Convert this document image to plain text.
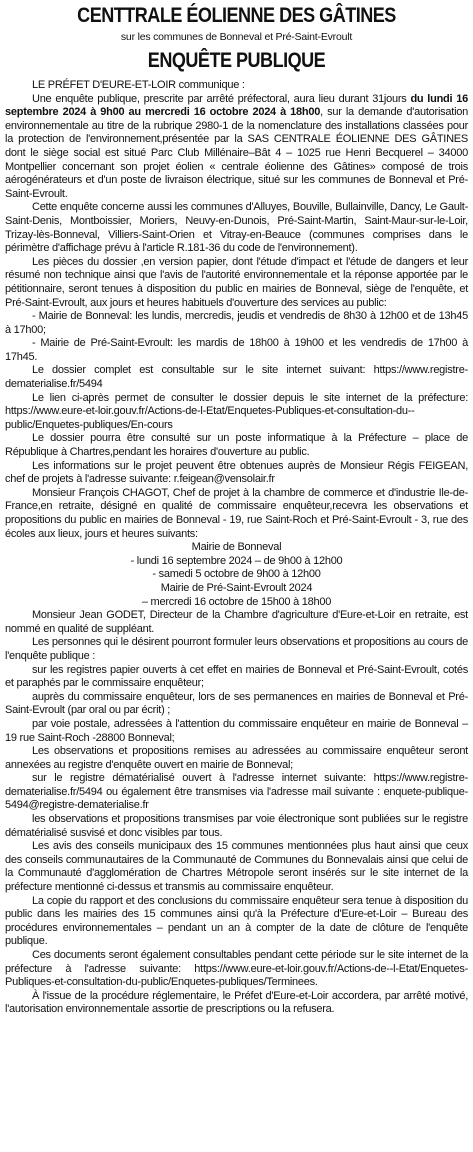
CENTTRALE ÉOLIENNE DES GÂTINES
sur les communes de Bonneval et Pré-Saint-Evroult
ENQUÊTE PUBLIQUE

LE PRÉFET D'EURE-ET-LOIR communique :

Une enquête publique, prescrite par arrêté préfectoral, aura lieu durant 31jours du lundi 16 septembre 2024 à 9h00 au mercredi 16 octobre 2024 à 18h00, sur la demande d'autorisation environnementale au titre de la rubrique 2980-1 de la nomenclature des installations classées pour la protection de l'environnement,présentée par la SAS CENTRALE ÉOLIENNE DES GÂTINES dont le siège social est situé Parc Club Millénaire–Bât 4 – 1025 rue Henri Becquerel – 34000 Montpellier concernant son projet éolien « centrale éolienne des Gâtines» composé de trois aérogénérateurs et d'un poste de livraison électrique, situé sur les communes de Bonneval et Pré-Saint-Evroult.

Cette enquête concerne aussi les communes d'Alluyes, Bouville, Bullainville, Dancy, Le Gault-Saint-Denis, Montboissier, Moriers, Neuvy-en-Dunois, Pré-Saint-Martin, Saint-Maur-sur-le-Loir, Trizay-lès-Bonneval, Villiers-Saint-Orien et Vitray-en-Beauce (communes comprises dans le périmètre d'affichage prévu à l'article R.181-36 du code de l'environnement).

Les pièces du dossier ,en version papier, dont l'étude d'impact et l'étude de dangers et leur résumé non technique ainsi que l'avis de l'autorité environnementale et la réponse apportée par le pétitionnaire, seront tenues à disposition du public en mairies de Bonneval, siège de l'enquête, et Pré-Saint-Evroult, aux jours et heures habituels d'ouverture des services au public:

- Mairie de Bonneval: les lundis, mercredis, jeudis et vendredis de 8h30 à 12h00 et de 13h45 à 17h00;

- Mairie de Pré-Saint-Evroult: les mardis de 18h00 à 19h00 et les vendredis de 17h00 à 17h45.

Le dossier complet est consultable sur le site internet suivant: https://www.registre-dematerialise.fr/5494

Le lien ci-après permet de consulter le dossier depuis le site internet de la préfecture: https://www.eure-et-loir.gouv.fr/Actions-de-l-Etat/Enquetes-Publiques-et-consultation-du--public/Enquetes-publiques/En-cours

Le dossier pourra être consulté sur un poste informatique à la Préfecture – place de République à Chartres,pendant les horaires d'ouverture au public.

Les informations sur le projet peuvent être obtenues auprès de Monsieur Régis FEIGEAN, chef de projets à l'adresse suivante: r.feigean@vensolair.fr

Monsieur François CHAGOT, Chef de projet à la chambre de commerce et d'industrie Ile-de-France,en retraite, désigné en qualité de commissaire enquêteur,recevra les observations et propositions du public en mairies de Bonneval - 19, rue Saint-Roch et Pré-Saint-Evroult - 3, rue des écoles aux lieux, jours et heures suivants:

Mairie de Bonneval

- lundi 16 septembre 2024 – de 9h00 à 12h00

- samedi 5 octobre de 9h00 à 12h00

Mairie de Pré-Saint-Evroult 2024

– mercredi 16 octobre de 15h00 à 18h00

Monsieur Jean GODET, Directeur de la Chambre d'agriculture d'Eure-et-Loir en retraite, est nommé en qualité de suppléant.

Les personnes qui le désirent pourront formuler leurs observations et propositions au cours de l'enquête publique :

sur les registres papier ouverts à cet effet en mairies de Bonneval et Pré-Saint-Evroult, cotés et paraphés par le commissaire enquêteur;

auprès du commissaire enquêteur, lors de ses permanences en mairies de Bonneval et Pré-Saint-Evroult (par oral ou par écrit) ;

par voie postale, adressées à l'attention du commissaire enquêteur en mairie de Bonneval – 19 rue Saint-Roch -28800 Bonneval;

Les observations et propositions remises au adressées au commissaire enquêteur seront annexées au registre d'enquête ouvert en mairie de Bonneval;

sur le registre dématérialisé ouvert à l'adresse internet suivante: https://www.registre-dematerialise.fr/5494 ou également être transmises via l'adresse mail suivante : enquete-publique-5494@registre-dematerialise.fr

les observations et propositions transmises par voie électronique sont publiées sur le registre dématérialisé susvisé et donc visibles par tous.

Les avis des conseils municipaux des 15 communes mentionnées plus haut ainsi que ceux des conseils communautaires de la Communauté de Communes du Bonnevalais ainsi que celui de la Communauté d'agglomération de Chartres Métropole seront insérés sur le site internet de la préfecture mentionné ci-dessus et transmis au commissaire enquêteur.

La copie du rapport et des conclusions du commissaire enquêteur sera tenue à disposition du public dans les mairies des 15 communes ainsi qu'à la Préfecture d'Eure-et-Loir – Bureau des procédures environnementales – pendant un an à compter de la date de clôture de l'enquête publique.

Ces documents seront également consultables pendant cette période sur le site internet de la préfecture à l'adresse suivante: https://www.eure-et-loir.gouv.fr/Actions-de--l-Etat/Enquetes-Publiques-et-consultation-du-public/Enquetes-publiques/Terminees.

À l'issue de la procédure réglementaire, le Préfet d'Eure-et-Loir accordera, par arrêté motivé, l'autorisation environnementale assortie de prescriptions ou la refusera.
